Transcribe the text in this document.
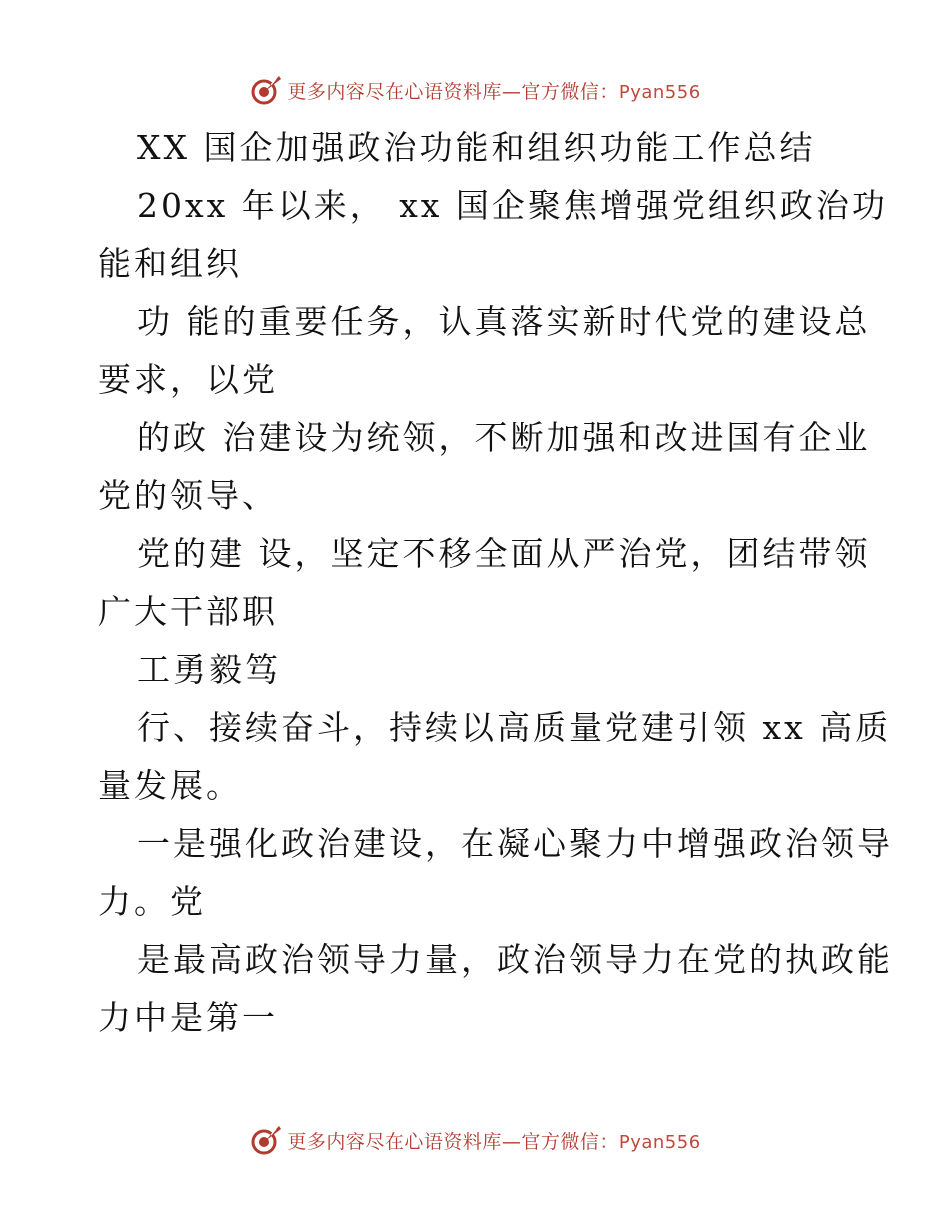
更多内容尽在心语资料库—官方微信：Pyan556
XX 国企加强政治功能和组织功能工作总结
20xx 年以来， xx 国企聚焦增强党组织政治功
能和组织
功 能的重要任务，认真落实新时代党的建设总
要求，以党
的政 治建设为统领，不断加强和改进国有企业
党的领导、
党的建 设，坚定不移全面从严治党，团结带领
广大干部职
工勇毅笃
行、接续奋斗，持续以高质量党建引领 xx 高质
量发展。
一是强化政治建设，在凝心聚力中增强政治领导
力。党
是最高政治领导力量，政治领导力在党的执政能
力中是第一
更多内容尽在心语资料库—官方微信：Pyan556
